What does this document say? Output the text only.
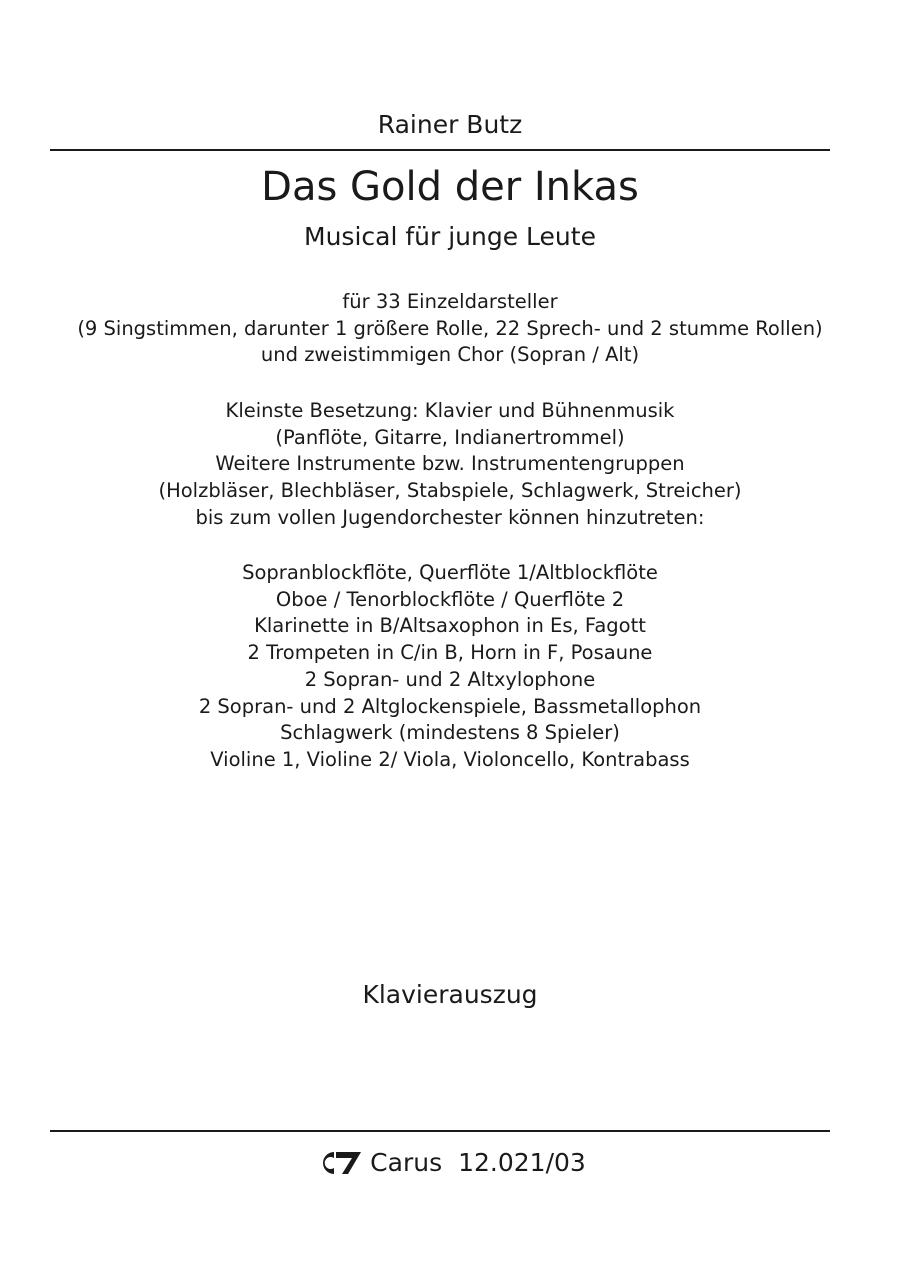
Rainer Butz
Das Gold der Inkas
Musical für junge Leute
für 33 Einzeldarsteller
(9 Singstimmen, darunter 1 größere Rolle, 22 Sprech- und 2 stumme Rollen)
und zweistimmigen Chor (Sopran / Alt)
Kleinste Besetzung: Klavier und Bühnenmusik
(Panflöte, Gitarre, Indianertrommel)
Weitere Instrumente bzw. Instrumentengruppen
(Holzbläser, Blechbläser, Stabspiele, Schlagwerk, Streicher)
bis zum vollen Jugendorchester können hinzutreten:
Sopranblockflöte, Querflöte 1/Altblockflöte
Oboe / Tenorblockflöte / Querflöte 2
Klarinette in B/Altsaxophon in Es, Fagott
2 Trompeten in C/in B, Horn in F, Posaune
2 Sopran- und 2 Altxylophone
2 Sopran- und 2 Altglockenspiele, Bassmetallophon
Schlagwerk (mindestens 8 Spieler)
Violine 1, Violine 2/ Viola, Violoncello, Kontrabass
Klavierauszug
Carus 12.021/03
